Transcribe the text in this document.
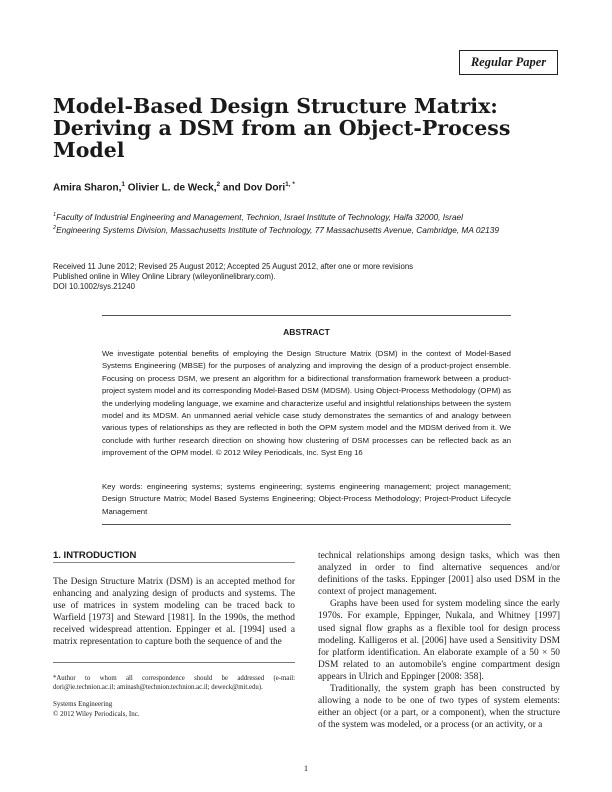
Regular Paper
Model-Based Design Structure Matrix:
Deriving a DSM from an Object-Process
Model
Amira Sharon,$^1$ Olivier L. de Weck,$^2$ and Dov Dori$^{1, *}$
$^1$Faculty of Industrial Engineering and Management, Technion, Israel Institute of Technology, Haifa 32000, Israel
$^2$Engineering Systems Division, Massachusetts Institute of Technology, 77 Massachusetts Avenue, Cambridge, MA 02139
Received 11 June 2012; Revised 25 August 2012; Accepted 25 August 2012, after one or more revisions
Published online in Wiley Online Library (wileyonlinelibrary.com).
DOI 10.1002/sys.21240
ABSTRACT
We investigate potential benefits of employing the Design Structure Matrix (DSM) in the context of Model-Based Systems Engineering (MBSE) for the purposes of analyzing and improving the design of a product-project ensemble. Focusing on process DSM, we present an algorithm for a bidirectional transformation framework between a product-project system model and its corresponding Model-Based DSM (MDSM). Using Object-Process Methodology (OPM) as the underlying modeling language, we examine and characterize useful and insightful relationships between the system model and its MDSM. An unmanned aerial vehicle case study demonstrates the semantics of and analogy between various types of relationships as they are reflected in both the OPM system model and the MDSM derived from it. We conclude with further research direction on showing how clustering of DSM processes can be reflected back as an improvement of the OPM model. © 2012 Wiley Periodicals, Inc. Syst Eng 16
Key words: engineering systems; systems engineering; systems engineering management; project management; Design Structure Matrix; Model Based Systems Engineering; Object-Process Methodology; Project-Product Lifecycle Management
1. INTRODUCTION

The Design Structure Matrix (DSM) is an accepted method for enhancing and analyzing design of products and systems. The use of matrices in system modeling can be traced back to Warfield [1973] and Steward [1981]. In the 1990s, the method received widespread attention. Eppinger et al. [1994] used a matrix representation to capture both the sequence of and the

*Author to whom all correspondence should be addressed (e-mail: dori@ie.technion.ac.il; aminash@technion.technion.ac.il; deweck@mit.edu).
Systems Engineering
© 2012 Wiley Periodicals, Inc.

technical relationships among design tasks, which was then analyzed in order to find alternative sequences and/or definitions of the tasks. Eppinger [2001] also used DSM in the context of project management.

Graphs have been used for system modeling since the early 1970s. For example, Eppinger, Nukala, and Whitney [1997] used signal flow graphs as a flexible tool for design process modeling. Kalligeros et al. [2006] have used a Sensitivity DSM for platform identification. An elaborate example of a 50 × 50 DSM related to an automobile's engine compartment design appears in Ulrich and Eppinger [2008: 358].

Traditionally, the system graph has been constructed by allowing a node to be one of two types of system elements: either an object (or a part, or a component), when the structure of the system was modeled, or a process (or an activity, or a

1
